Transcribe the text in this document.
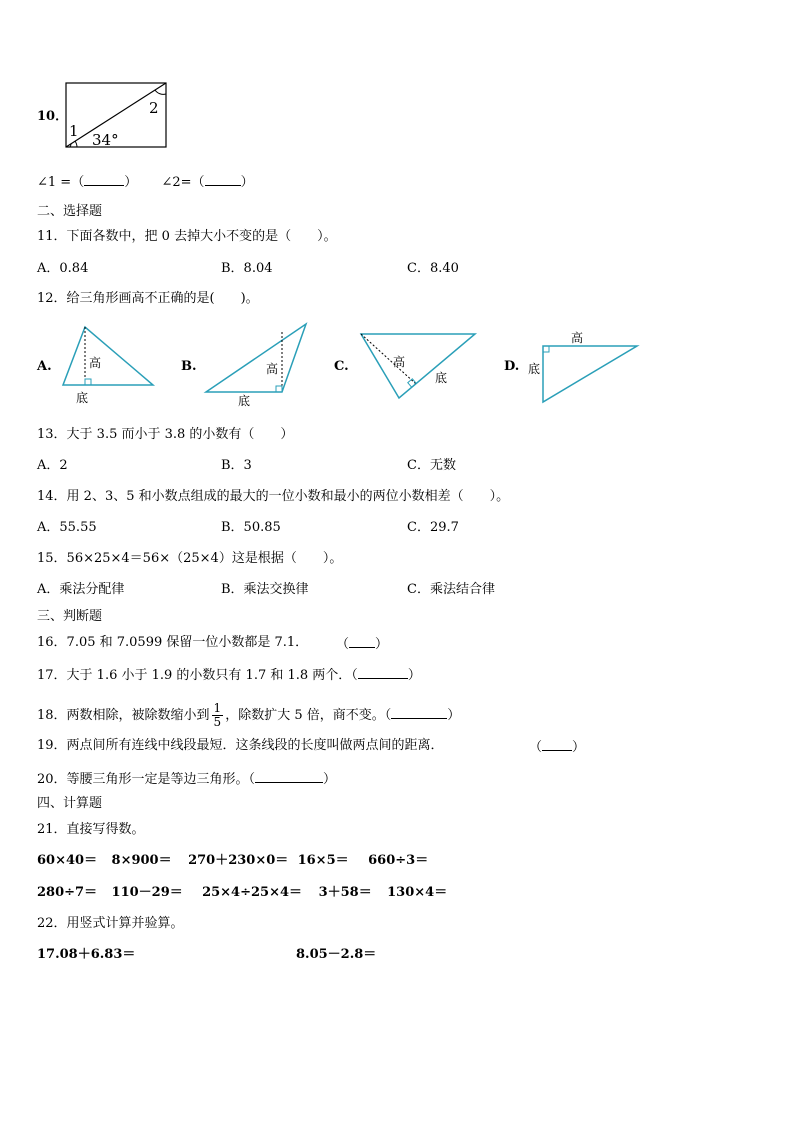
10．
1
2
34°
∠1 =（	） ∠2=（	）
二、选择题
11．下面各数中，把 0 去掉大小不变的是（　　）。
A．0.84	B．8.04	C．8.40
12．给三角形画高不正确的是(　　)。
A.	B.	C.	D.
高
底
高
底
高
底
高
底
13．大于 3.5 而小于 3.8 的小数有（　　）
A．2	B．3	C．无数
14．用 2、3、5 和小数点组成的最大的一位小数和最小的两位小数相差（　　）。
A．55.55	B．50.85	C．29.7
15．56×25×4＝56×（25×4）这是根据（　　）。
A．乘法分配律	B．乘法交换律	C．乘法结合律
三、判断题
16．7.05 和 7.0599 保留一位小数都是 7.1． （ ）
17．大于 1.6 小于 1.9 的小数只有 1.7 和 1.8 两个．（	）
18．两数相除，被除数缩小到 $\frac{1}{5}$ ，除数扩大 5 倍，商不变。（	）
19．两点间所有连线中线段最短．这条线段的长度叫做两点间的距离．	（ ）
20．等腰三角形一定是等边三角形。（	）
四、计算题
21．直接写得数。
60×40＝ 8×900＝ 270＋230×0＝ 16×5＝ 660÷3＝
280÷7＝ 110－29＝ 25×4÷25×4＝ 3＋58＝ 130×4＝
22．用竖式计算并验算。
17.08＋6.83＝	8.05－2.8＝
